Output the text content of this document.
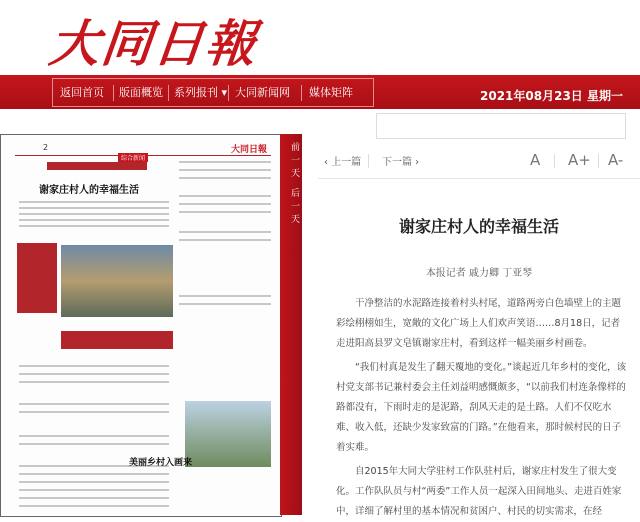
大同日報
返回首页 版面概览 系列报刊 ▾ 大同新闻网 媒体矩阵	2021年08月23日 星期一
2	大同日報
综合新闻
谢家庄村人的幸福生活
美丽乡村入画来
前一天 后一天	‹ 上一篇 下一篇 ›	A A+ A-
谢家庄村人的幸福生活
本报记者 戚力卿 丁亚琴
干净整洁的水泥路连接着村头村尾，道路两旁白色墙壁上的主题彩绘栩栩如生，宽敞的文化广场上人们欢声笑语……8月18日，记者走进阳高县罗文皂镇谢家庄村，看到这样一幅美丽乡村画卷。
“我们村真是发生了翻天覆地的变化。”谈起近几年乡村的变化，该村党支部书记兼村委会主任刘益明感慨颇多，“以前我们村连条像样的路都没有，下雨时走的是泥路，刮风天走的是土路。人们不仅吃水难、收入低，还缺少发家致富的门路。”在他看来，那时候村民的日子着实难。
自2015年大同大学驻村工作队驻村后，谢家庄村发生了很大变化。工作队队员与村“两委”工作人员一起深入田间地头、走进百姓家中，详细了解村里的基本情况和贫困户、村民的切实需求，在经
